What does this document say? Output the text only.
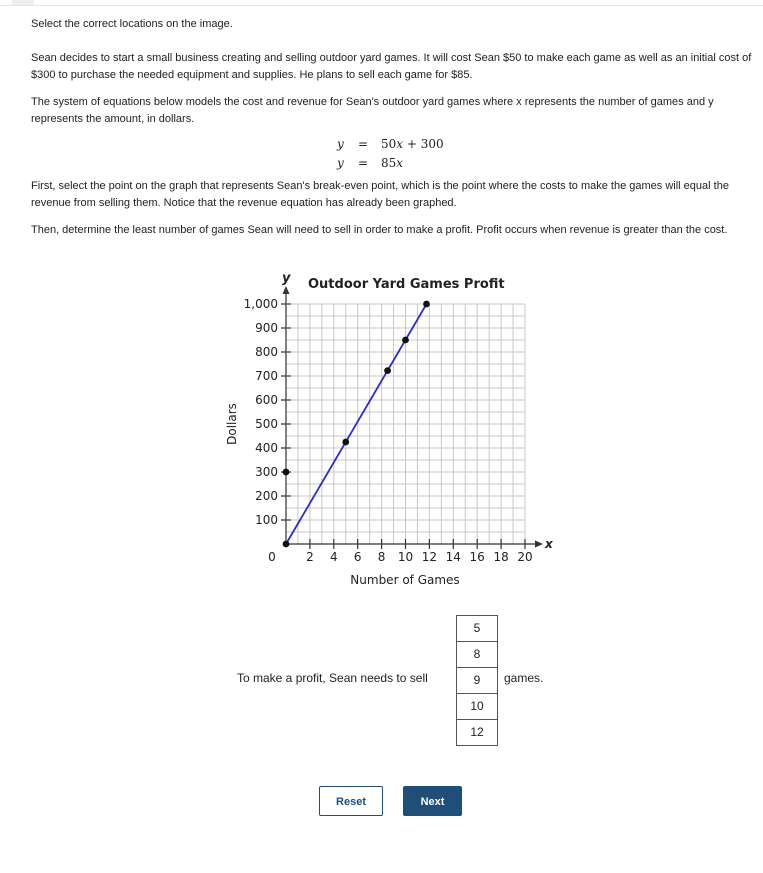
Select the correct locations on the image.

Sean decides to start a small business creating and selling outdoor yard games. It will cost Sean $50 to make each game as well as an initial cost of $300 to purchase the needed equipment and supplies. He plans to sell each game for $85.

The system of equations below models the cost and revenue for Sean's outdoor yard games where x represents the number of games and y represents the amount, in dollars.

First, select the point on the graph that represents Sean's break-even point, which is the point where the costs to make the games will equal the revenue from selling them. Notice that the revenue equation has already been graphed.

Then, determine the least number of games Sean will need to sell in order to make a profit. Profit occurs when revenue is greater than the cost.

y = 50x + 300
y = 85x
2 4 6 8 10 12 14 16 18 20
100
200
300
400
500
600
700
800
900
1,000
0
x
y Outdoor Yard Games Profit
Number of Games
Dollars
To make a profit, Sean needs to sell
5
8
9
10
12
games.
Reset	Next
